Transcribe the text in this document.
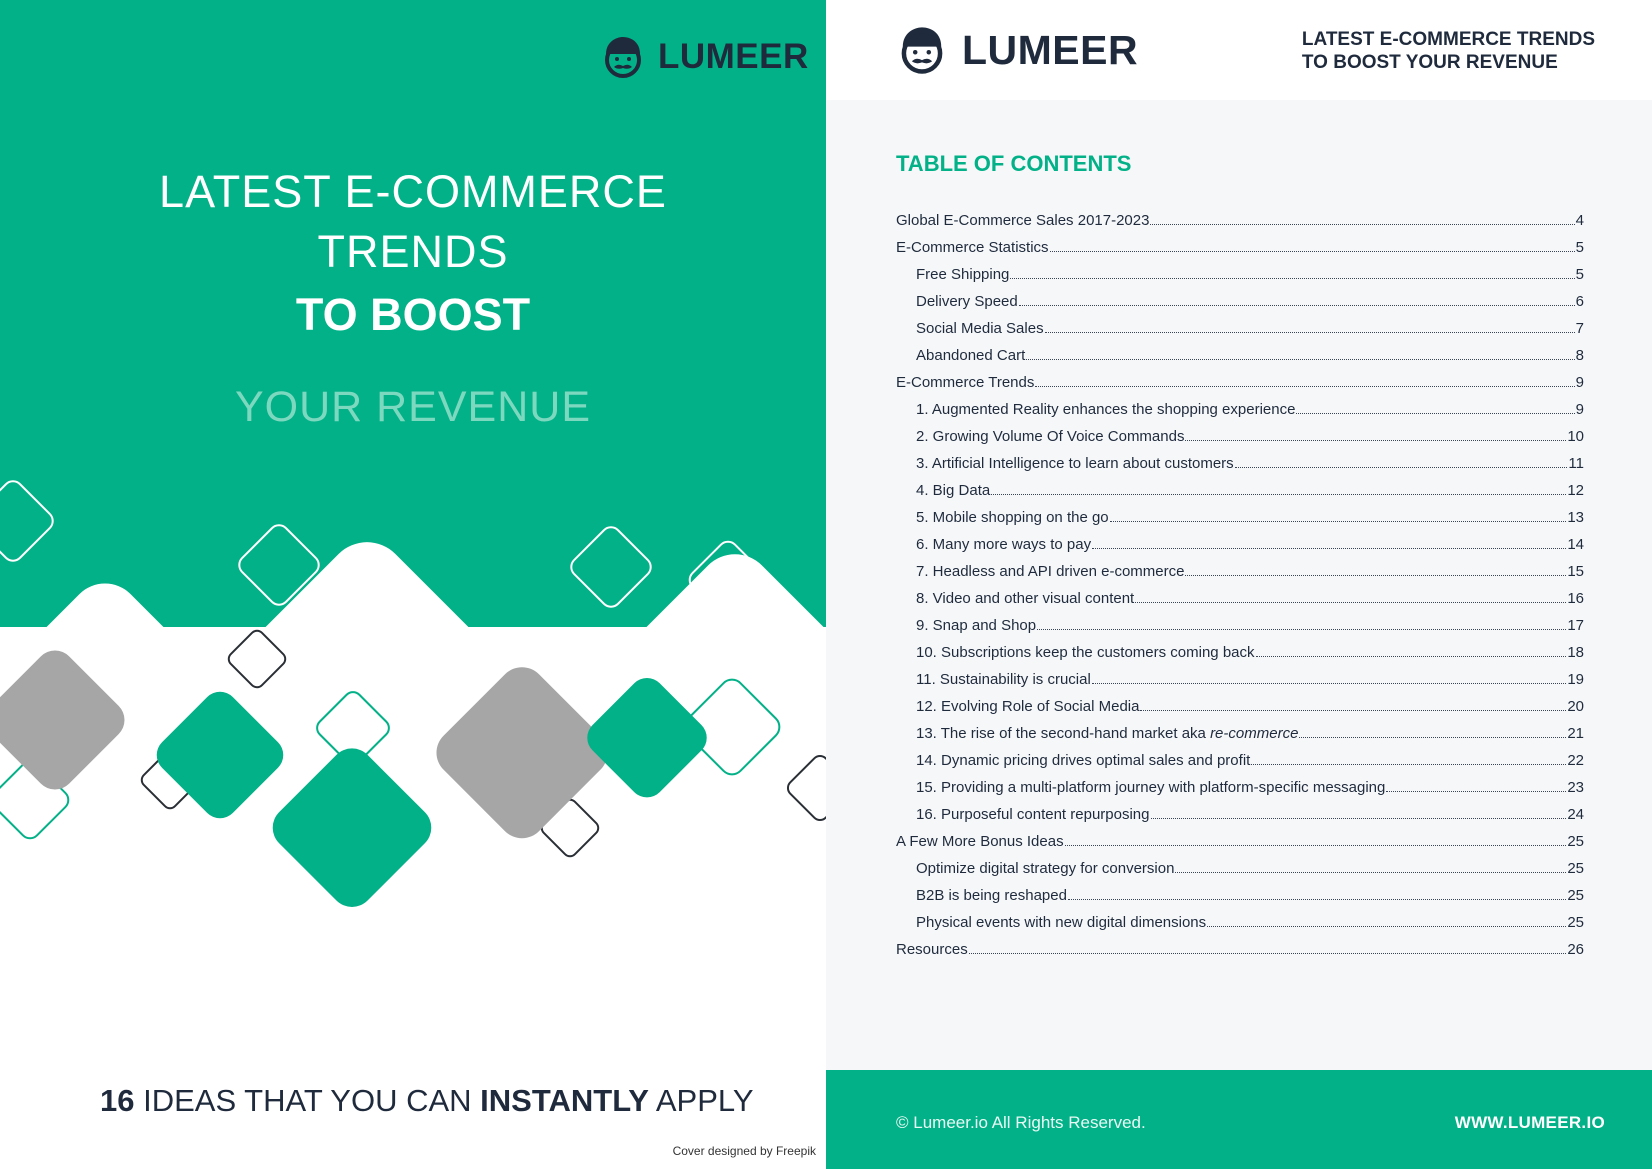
LUMEER
LATEST E-COMMERCE
TRENDS
TO BOOST
YOUR REVENUE
16 IDEAS THAT YOU CAN INSTANTLY APPLY
Cover designed by Freepik
LUMEER	LATEST E-COMMERCE TRENDS
TO BOOST YOUR REVENUE
TABLE OF CONTENTS
Global E-Commerce Sales 2017-2023	4
E-Commerce Statistics	5
Free Shipping	5
Delivery Speed	6
Social Media Sales	7
Abandoned Cart	8
E-Commerce Trends	9
1. Augmented Reality enhances the shopping experience	9
2. Growing Volume Of Voice Commands	10
3. Artificial Intelligence to learn about customers	11
4. Big Data	12
5. Mobile shopping on the go	13
6. Many more ways to pay	14
7. Headless and API driven e-commerce	15
8. Video and other visual content	16
9. Snap and Shop	17
10. Subscriptions keep the customers coming back	18
11. Sustainability is crucial	19
12. Evolving Role of Social Media	20
13. The rise of the second-hand market aka re-commerce	21
14. Dynamic pricing drives optimal sales and profit	22
15. Providing a multi-platform journey with platform-specific messaging	23
16. Purposeful content repurposing	24
A Few More Bonus Ideas	25
Optimize digital strategy for conversion	25
B2B is being reshaped	25
Physical events with new digital dimensions	25
Resources	26
© Lumeer.io All Rights Reserved.	WWW.LUMEER.IO
